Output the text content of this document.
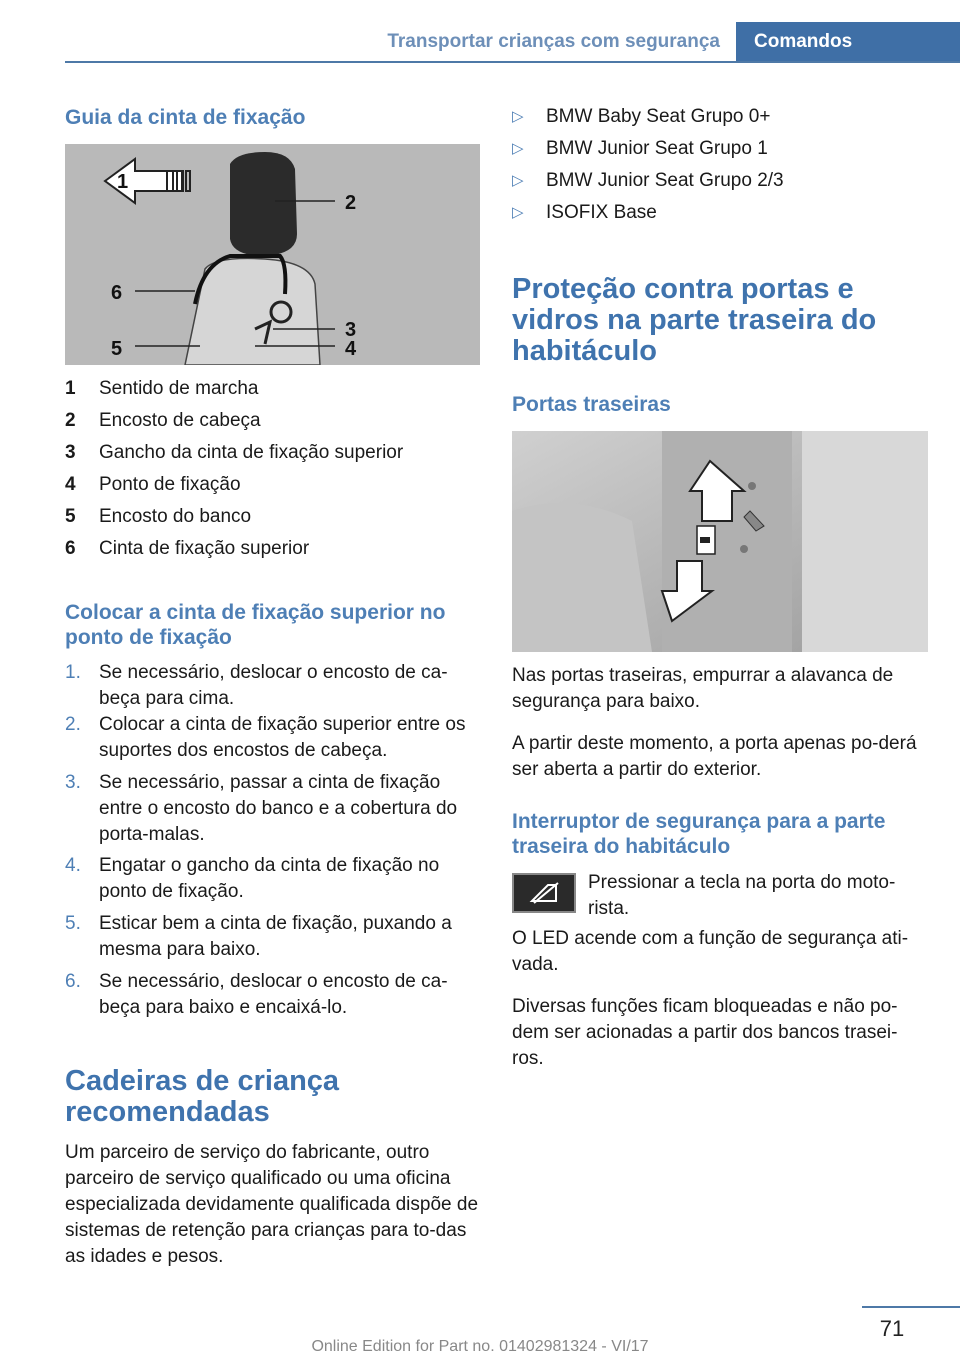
Transportar crianças com segurança	Comandos
Guia da cinta de fixação
1
2
3
4
5
6
1	Sentido de marcha
2	Encosto de cabeça
3	Gancho da cinta de fixação superior
4	Ponto de fixação
5	Encosto do banco
6	Cinta de fixação superior
Colocar a cinta de fixação superior no ponto de fixação
1. Se necessário, deslocar o encosto de ca-beça para cima.
2. Colocar a cinta de fixação superior entre os suportes dos encostos de cabeça.
3. Se necessário, passar a cinta de fixação entre o encosto do banco e a cobertura do porta-malas.
4. Engatar o gancho da cinta de fixação no ponto de fixação.
5. Esticar bem a cinta de fixação, puxando a mesma para baixo.
6. Se necessário, deslocar o encosto de ca-beça para baixo e encaixá-lo.
Cadeiras de criança recomendadas
Um parceiro de serviço do fabricante, outro parceiro de serviço qualificado ou uma oficina especializada devidamente qualificada dispõe de sistemas de retenção para crianças para to-das as idades e pesos.
▷ BMW Baby Seat Grupo 0+
▷ BMW Junior Seat Grupo 1
▷ BMW Junior Seat Grupo 2/3
▷ ISOFIX Base
Proteção contra portas e vidros na parte traseira do habitáculo
Portas traseiras
Nas portas traseiras, empurrar a alavanca de segurança para baixo.
A partir deste momento, a porta apenas po-derá ser aberta a partir do exterior.
Interruptor de segurança para a parte traseira do habitáculo
Pressionar a tecla na porta do moto-rista.
O LED acende com a função de segurança ati-vada.
Diversas funções ficam bloqueadas e não po-dem ser acionadas a partir dos bancos trasei-ros.
71
Online Edition for Part no. 01402981324 - VI/17
